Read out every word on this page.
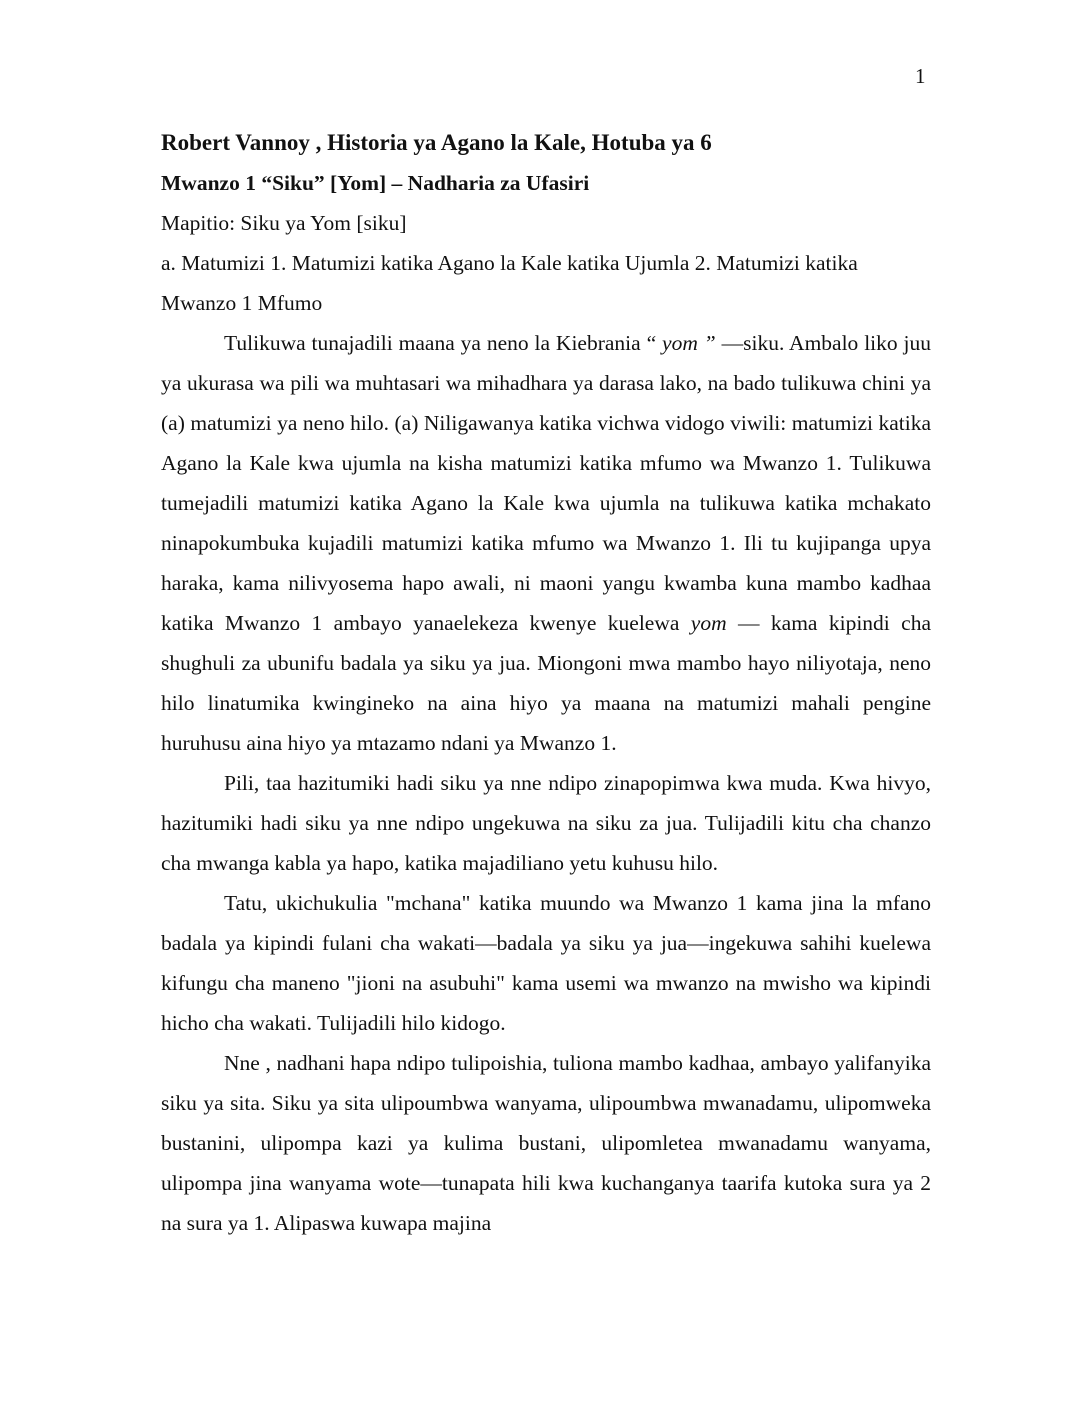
1
Robert Vannoy , Historia ya Agano la Kale, Hotuba ya 6
Mwanzo 1 “Siku” [Yom] – Nadharia za Ufasiri

Mapitio: Siku ya Yom [siku]

a. Matumizi 1. Matumizi katika Agano la Kale katika Ujumla 2. Matumizi katika

Mwanzo 1 Mfumo

Tulikuwa tunajadili maana ya neno la Kiebrania “ yom ” —siku. Ambalo liko juu ya ukurasa wa pili wa muhtasari wa mihadhara ya darasa lako, na bado tulikuwa chini ya (a) matumizi ya neno hilo. (a) Niligawanya katika vichwa vidogo viwili: matumizi katika Agano la Kale kwa ujumla na kisha matumizi katika mfumo wa Mwanzo 1. Tulikuwa tumejadili matumizi katika Agano la Kale kwa ujumla na tulikuwa katika mchakato ninapokumbuka kujadili matumizi katika mfumo wa Mwanzo 1. Ili tu kujipanga upya haraka, kama nilivyosema hapo awali, ni maoni yangu kwamba kuna mambo kadhaa katika Mwanzo 1 ambayo yanaelekeza kwenye kuelewa yom — kama kipindi cha shughuli za ubunifu badala ya siku ya jua. Miongoni mwa mambo hayo niliyotaja, neno hilo linatumika kwingineko na aina hiyo ya maana na matumizi mahali pengine huruhusu aina hiyo ya mtazamo ndani ya Mwanzo 1.

Pili, taa hazitumiki hadi siku ya nne ndipo zinapopimwa kwa muda. Kwa hivyo, hazitumiki hadi siku ya nne ndipo ungekuwa na siku za jua. Tulijadili kitu cha chanzo cha mwanga kabla ya hapo, katika majadiliano yetu kuhusu hilo.

Tatu, ukichukulia "mchana" katika muundo wa Mwanzo 1 kama jina la mfano badala ya kipindi fulani cha wakati—badala ya siku ya jua—ingekuwa sahihi kuelewa kifungu cha maneno "jioni na asubuhi" kama usemi wa mwanzo na mwisho wa kipindi hicho cha wakati. Tulijadili hilo kidogo.

Nne , nadhani hapa ndipo tulipoishia, tuliona mambo kadhaa, ambayo yalifanyika siku ya sita. Siku ya sita ulipoumbwa wanyama, ulipoumbwa mwanadamu, ulipomweka bustanini, ulipompa kazi ya kulima bustani, ulipomletea mwanadamu wanyama, ulipompa jina wanyama wote—tunapata hili kwa kuchanganya taarifa kutoka sura ya 2 na sura ya 1. Alipaswa kuwapa majina
